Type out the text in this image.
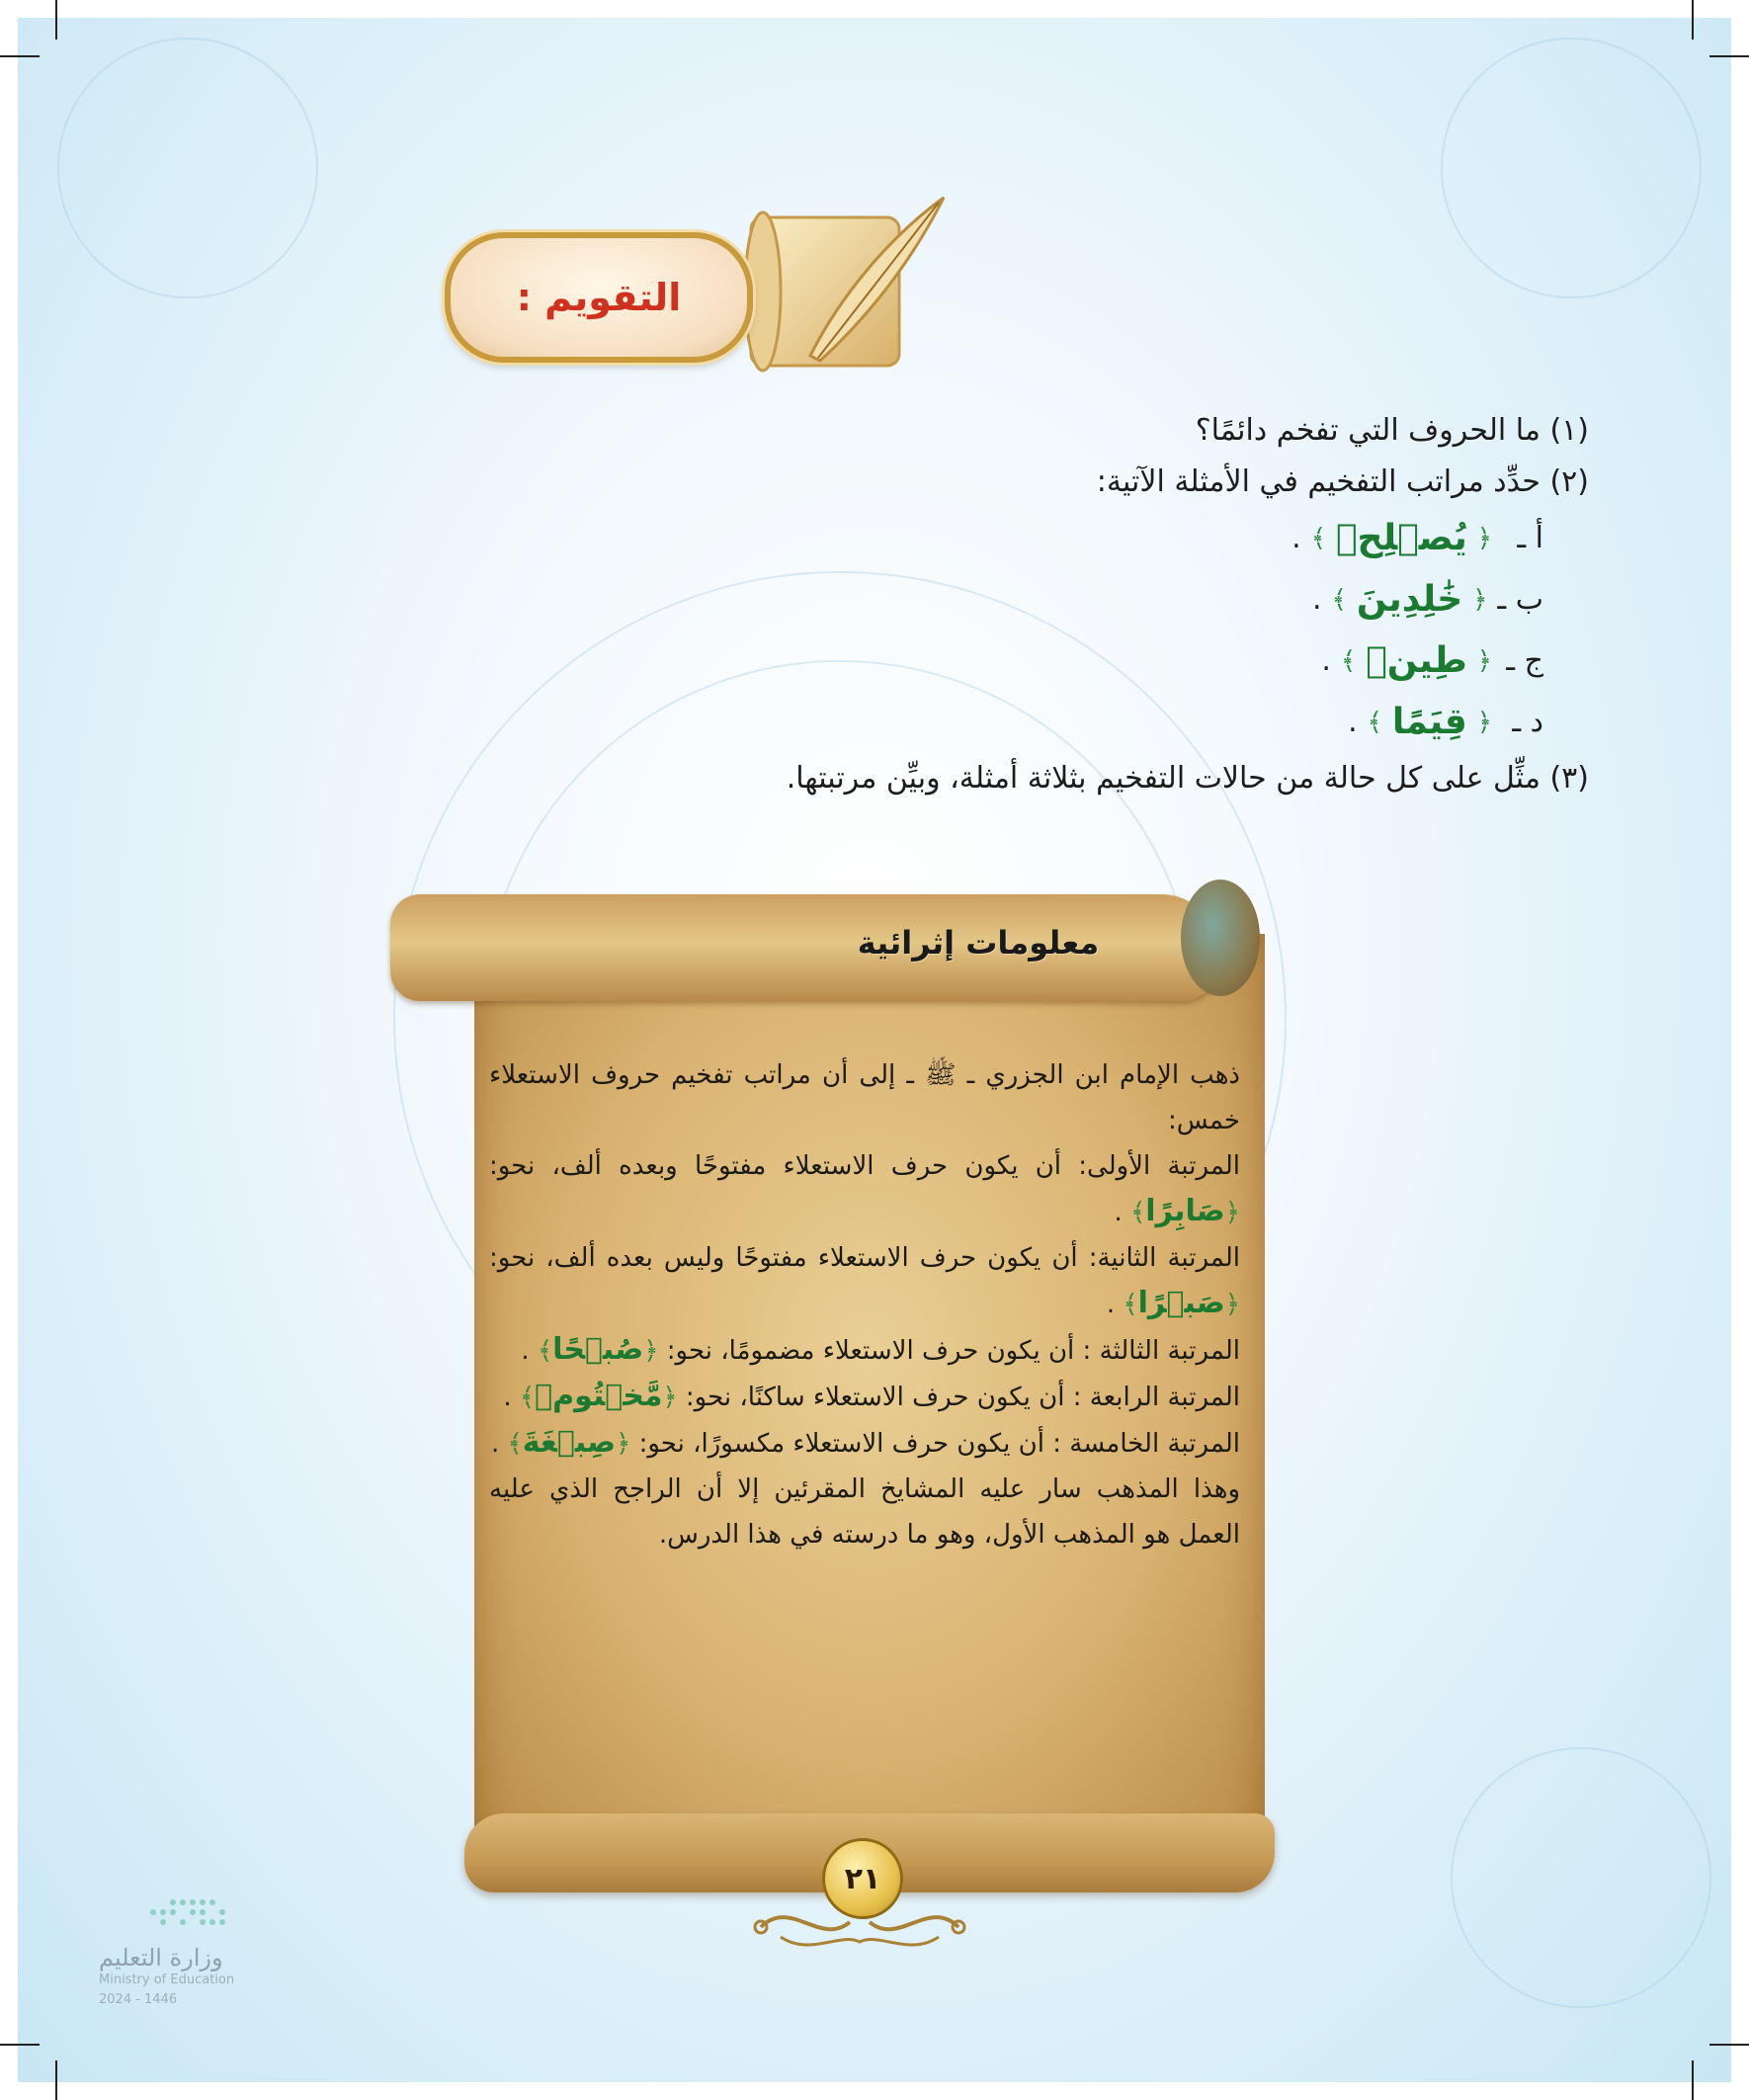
التقويم :

(١) ما الحروف التي تفخم دائمًا؟

(٢) حدِّد مراتب التفخيم في الأمثلة الآتية:

أ ـ
﴿
يُصۡلِحۡ
﴾
.
ب ـ
﴿
خَٰلِدِينَ
﴾
.
ج ـ
﴿
طِينٖ
﴾
.
د ـ
﴿
قِيَمًا
﴾
.

(٣) مثِّل على كل حالة من حالات التفخيم بثلاثة أمثلة، وبيِّن مرتبتها.

معلومات إثرائية

ذهب الإمام ابن الجزري ـ ﷺ ـ إلى أن مراتب تفخيم حروف الاستعلاء خمس:

المرتبة الأولى: أن يكون حرف الاستعلاء مفتوحًا وبعده ألف، نحو: ﴿صَابِرًا﴾ .

المرتبة الثانية: أن يكون حرف الاستعلاء مفتوحًا وليس بعده ألف، نحو: ﴿صَبۡرًا﴾ .

المرتبة الثالثة : أن يكون حرف الاستعلاء مضمومًا، نحو: ﴿صُبۡحًا﴾ .

المرتبة الرابعة : أن يكون حرف الاستعلاء ساكنًا، نحو: ﴿مَّخۡتُومٖ﴾ .

المرتبة الخامسة : أن يكون حرف الاستعلاء مكسورًا، نحو: ﴿صِبۡغَةَ﴾ .

وهذا المذهب سار عليه المشايخ المقرئين إلا أن الراجح الذي عليه العمل هو المذهب الأول، وهو ما درسته في هذا الدرس.

٢١
وزارة التعليم
Ministry of Education
2024 - 1446
